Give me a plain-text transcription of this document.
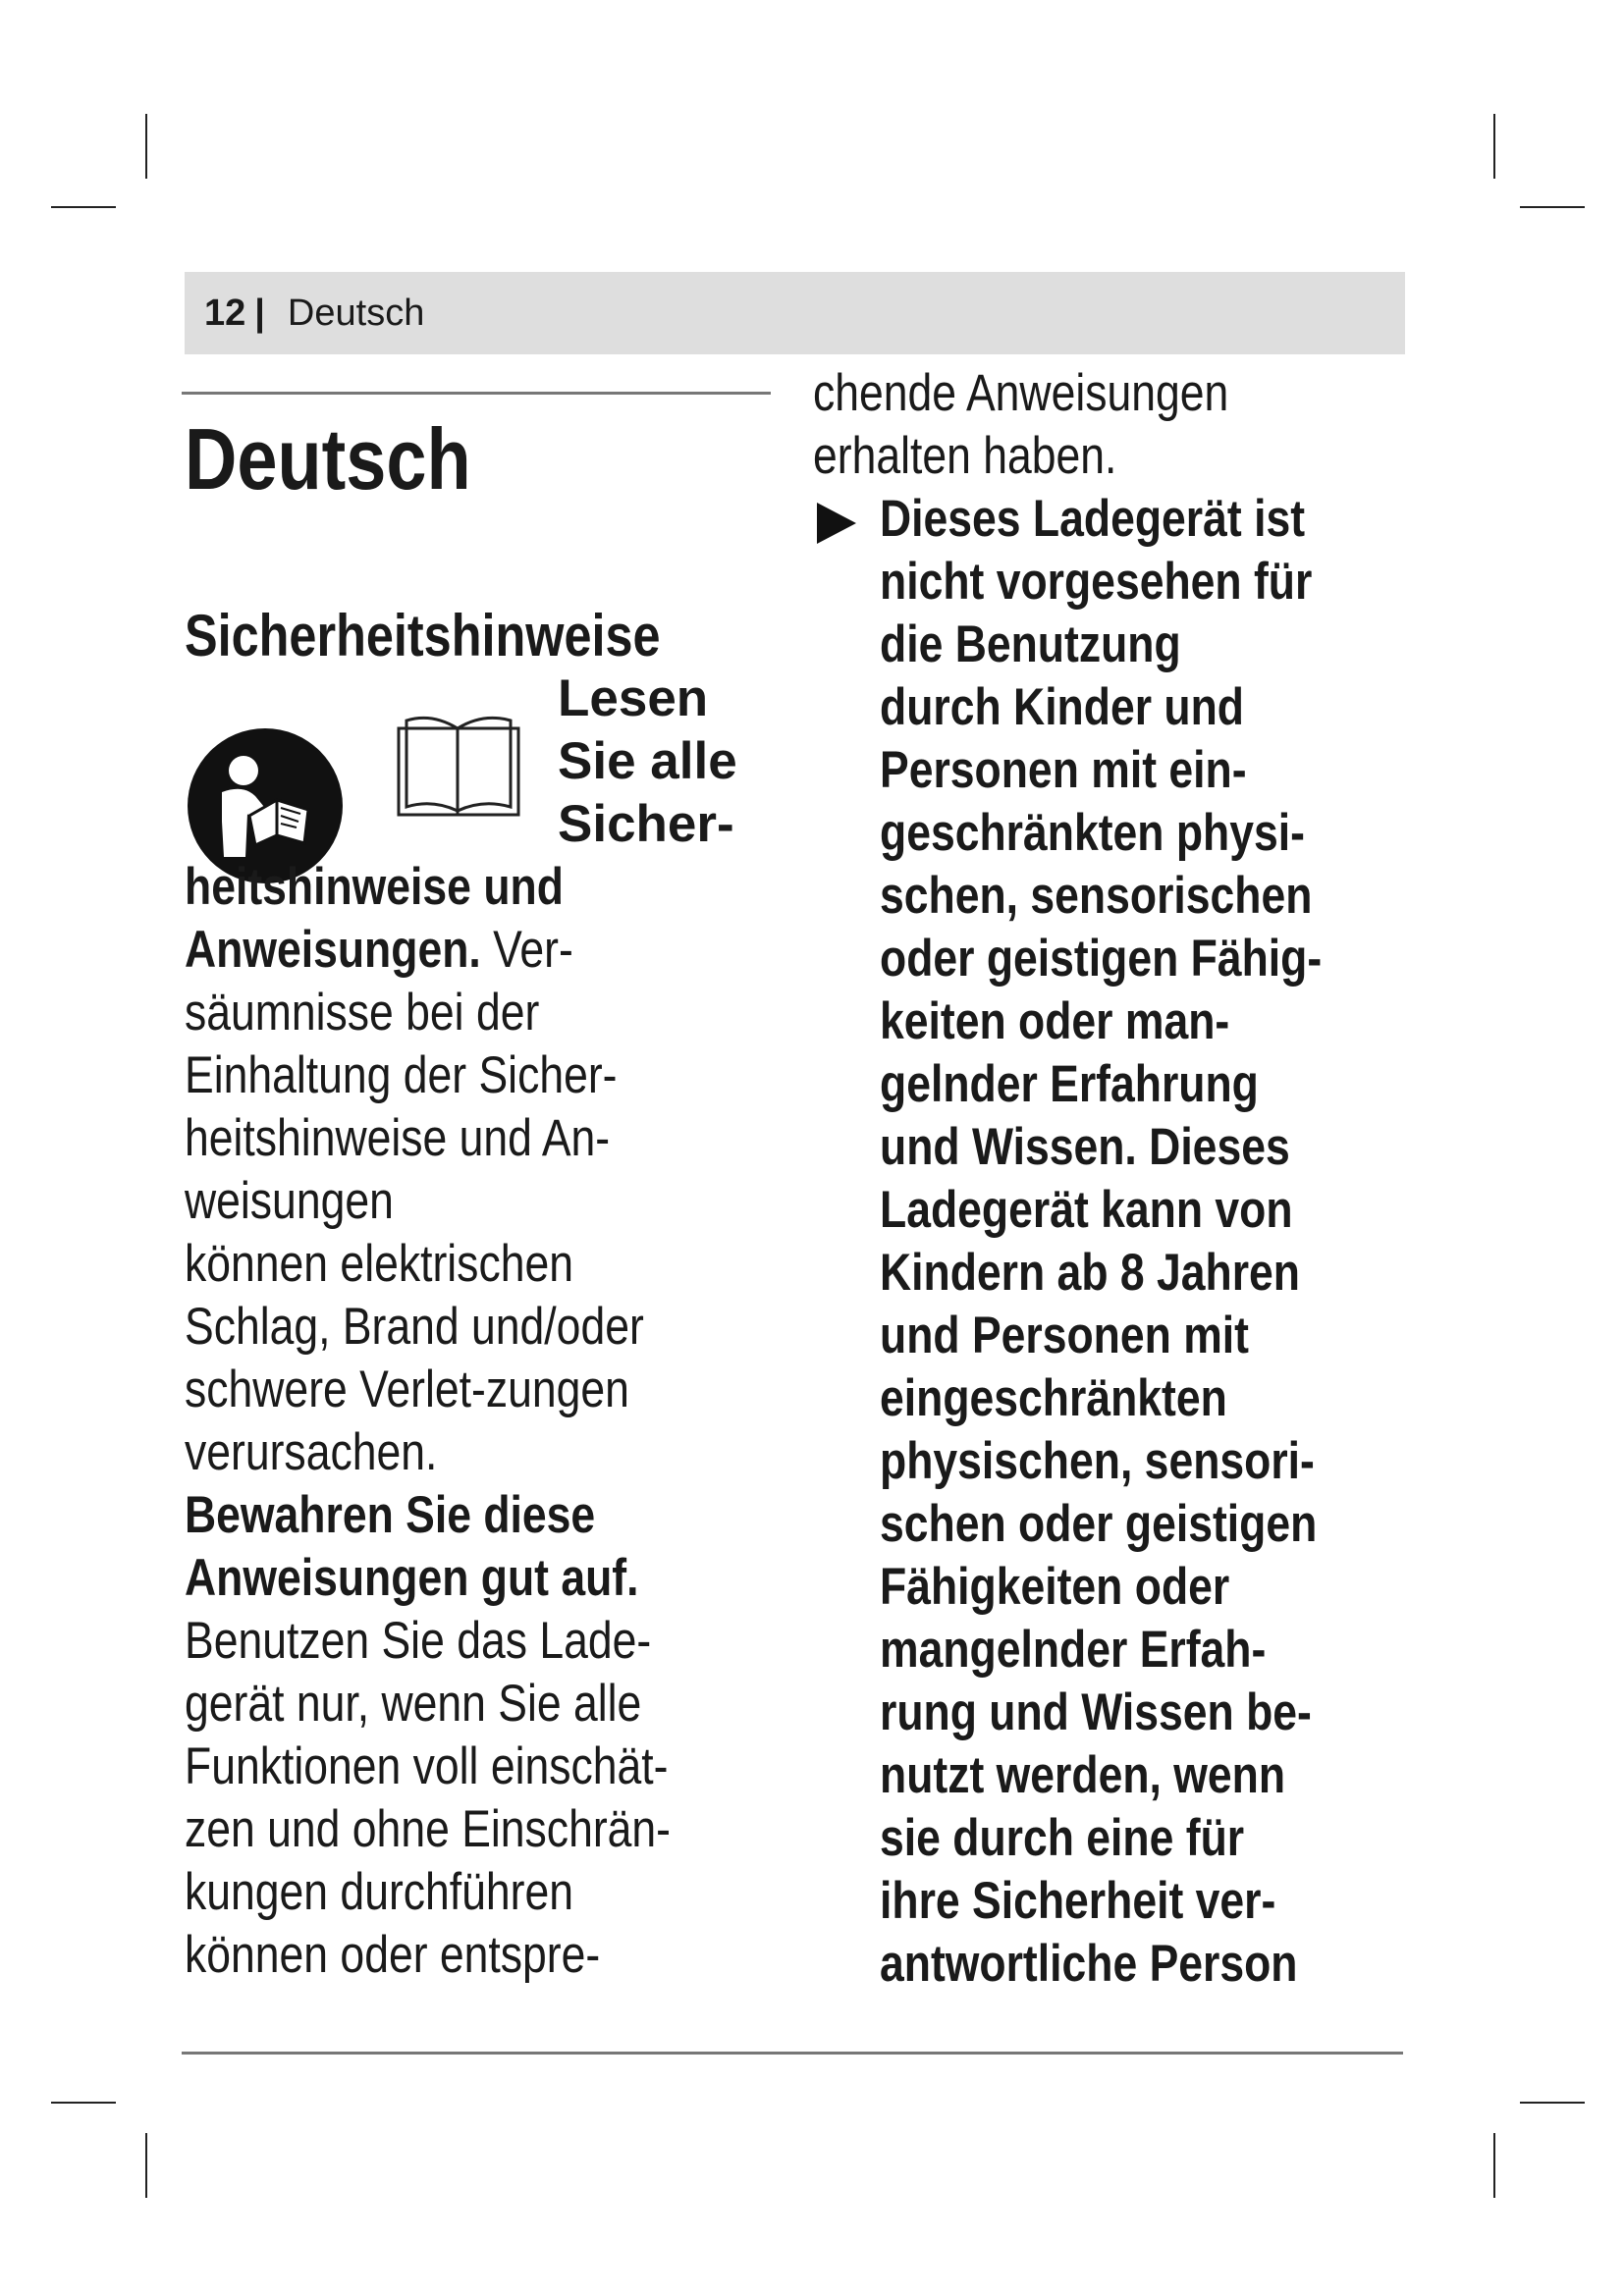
12 | Deutsch
Deutsch
Sicherheitshinweise
Lesen
Sie alle
Sicher-
heitshinweise und
Anweisungen. Ver-
säumnisse bei der
Einhaltung der Sicher-
heitshinweise und An-
weisungen
können elektrischen
Schlag, Brand und/oder
schwere Verlet-zungen
verursachen.
Bewahren Sie diese
Anweisungen gut auf.
Benutzen Sie das Lade-
gerät nur, wenn Sie alle
Funktionen voll einschät-
zen und ohne Einschrän-
kungen durchführen
können oder entspre-
chende Anweisungen
erhalten haben.
Dieses Ladegerät ist
nicht vorgesehen für
die Benutzung
durch Kinder und
Personen mit ein-
geschränkten physi-
schen, sensorischen
oder geistigen Fähig-
keiten oder man-
gelnder Erfahrung
und Wissen. Dieses
Ladegerät kann von
Kindern ab 8 Jahren
und Personen mit
eingeschränkten
physischen, sensori-
schen oder geistigen
Fähigkeiten oder
mangelnder Erfah-
rung und Wissen be-
nutzt werden, wenn
sie durch eine für
ihre Sicherheit ver-
antwortliche Person
